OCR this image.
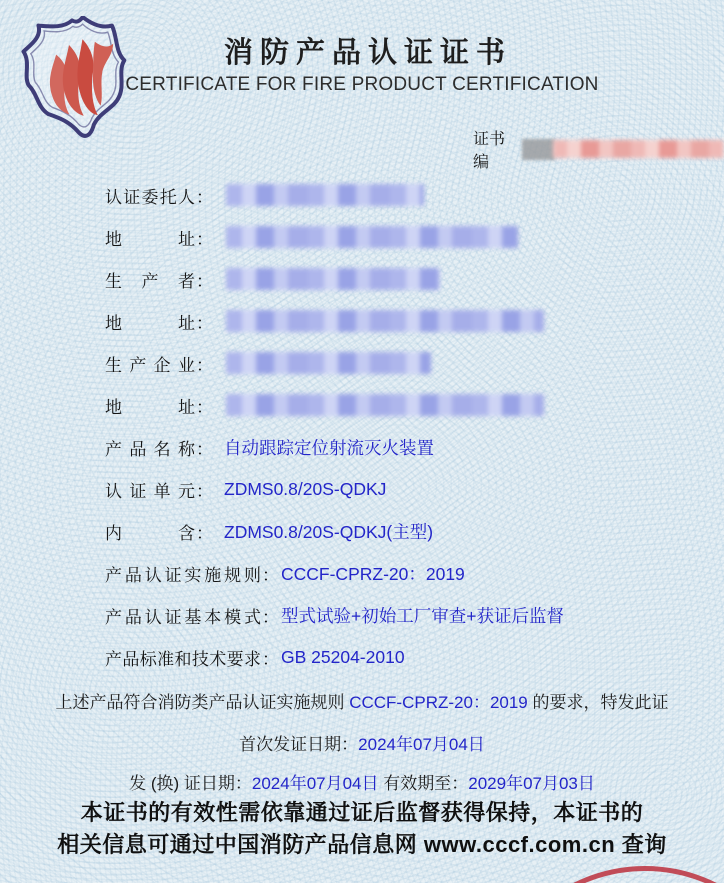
消防产品认证证书
CERTIFICATE FOR FIRE PRODUCT CERTIFICATION
证书编
认证委托人 ：
地址 ：
生产者 ：
地址 ：
生产企业 ：
地址 ：
产品名称 ： 自动跟踪定位射流灭火装置
认证单元 ： ZDMS0.8/20S-QDKJ
内含 ： ZDMS0.8/20S-QDKJ(主型)
产品认证实施规则 ： CCCF-CPRZ-20：2019
产品认证基本模式 ： 型式试验+初始工厂审查+获证后监督
产品标准和技术要求 ： GB 25204-2010
上述产品符合消防类产品认证实施规则 CCCF-CPRZ-20：2019 的要求，特发此证
首次发证日期：2024年07月04日
发 (换) 证日期：2024年07月04日 有效期至：2029年07月03日
本证书的有效性需依靠通过证后监督获得保持，本证书的
相关信息可通过中国消防产品信息网 www.cccf.com.cn 查询
